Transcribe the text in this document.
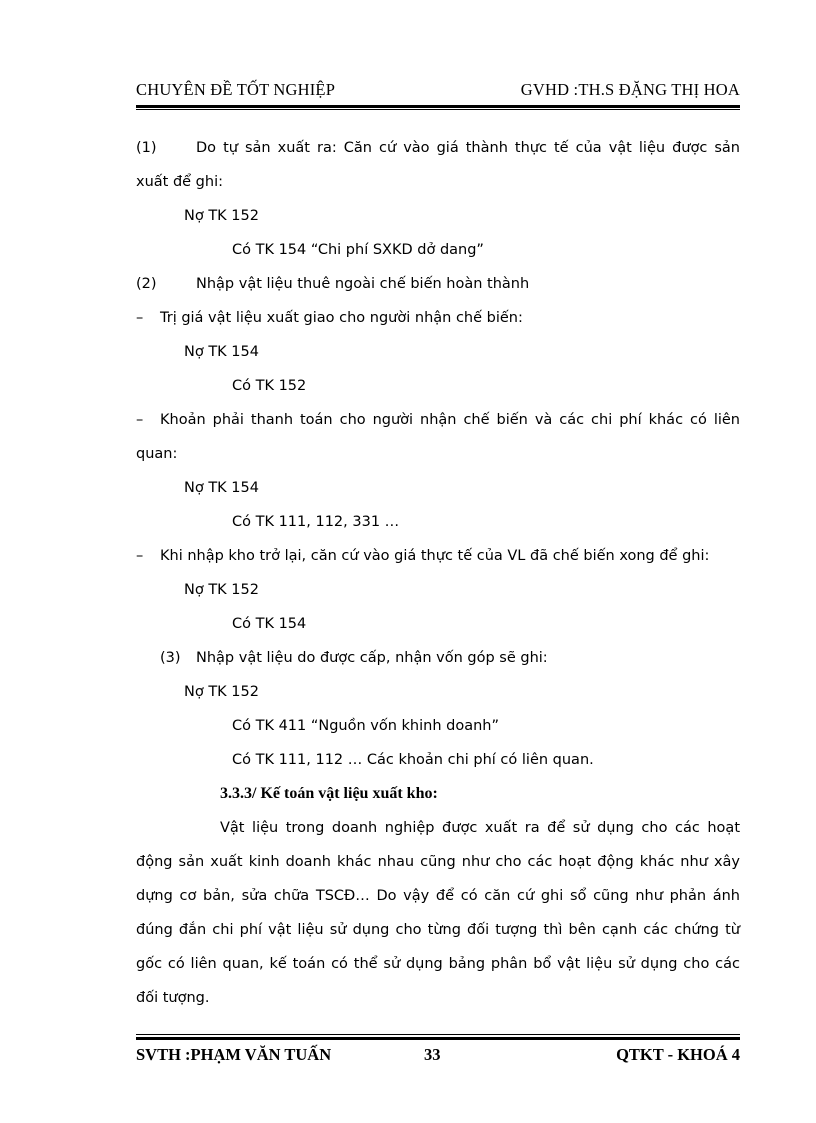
CHUYÊN ĐỀ TỐT NGHIỆP	GVHD :TH.S ĐẶNG THỊ HOA
(1)	Do tự sản xuất ra: Căn cứ vào giá thành thực tế của vật liệu được sản
xuất để ghi:
Nợ TK 152
Có TK 154 “Chi phí SXKD dở dang”
(2)	Nhập vật liệu thuê ngoài chế biến hoàn thành
– Trị giá vật liệu xuất giao cho người nhận chế biến:
Nợ TK 154
Có TK 152
– Khoản phải thanh toán cho người nhận chế biến và các chi phí khác có liên
quan:
Nợ TK 154
Có TK 111, 112, 331 …
– Khi nhập kho trở lại, căn cứ vào giá thực tế của VL đã chế biến xong để ghi:
Nợ TK 152
Có TK 154
(3) Nhập vật liệu do được cấp, nhận vốn góp sẽ ghi:
Nợ TK 152
Có TK 411 “Nguồn vốn khinh doanh”
Có TK 111, 112 … Các khoản chi phí có liên quan.
3.3.3/ Kế toán vật liệu xuất kho:
Vật liệu trong doanh nghiệp được xuất ra để sử dụng cho các hoạt
động sản xuất kinh doanh khác nhau cũng như cho các hoạt động khác như xây
dựng cơ bản, sửa chữa TSCĐ… Do vậy để có căn cứ ghi sổ cũng như phản ánh
đúng đắn chi phí vật liệu sử dụng cho từng đối tượng thì bên cạnh các chứng từ
gốc có liên quan, kế toán có thể sử dụng bảng phân bổ vật liệu sử dụng cho các
đối tượng.
SVTH :PHẠM VĂN TUẤN	33	QTKT - KHOÁ 4
